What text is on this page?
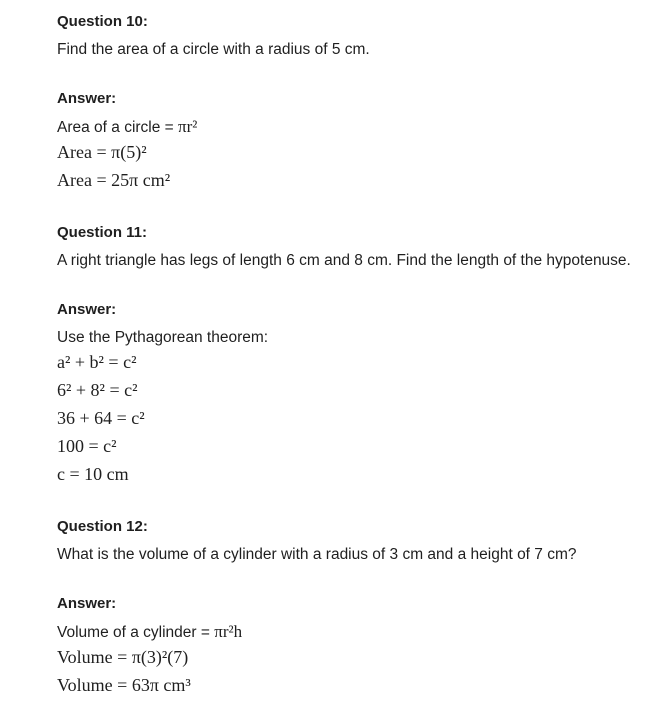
Question 10:

Find the area of a circle with a radius of 5 cm.

Answer:

Area of a circle = πr²

Area = π(5)²

Area = 25π cm²

Question 11:

A right triangle has legs of length 6 cm and 8 cm. Find the length of the hypotenuse.

Answer:

Use the Pythagorean theorem:

a² + b² = c²

6² + 8² = c²

36 + 64 = c²

100 = c²

c = 10 cm

Question 12:

What is the volume of a cylinder with a radius of 3 cm and a height of 7 cm?

Answer:

Volume of a cylinder = πr²h

Volume = π(3)²(7)

Volume = 63π cm³
